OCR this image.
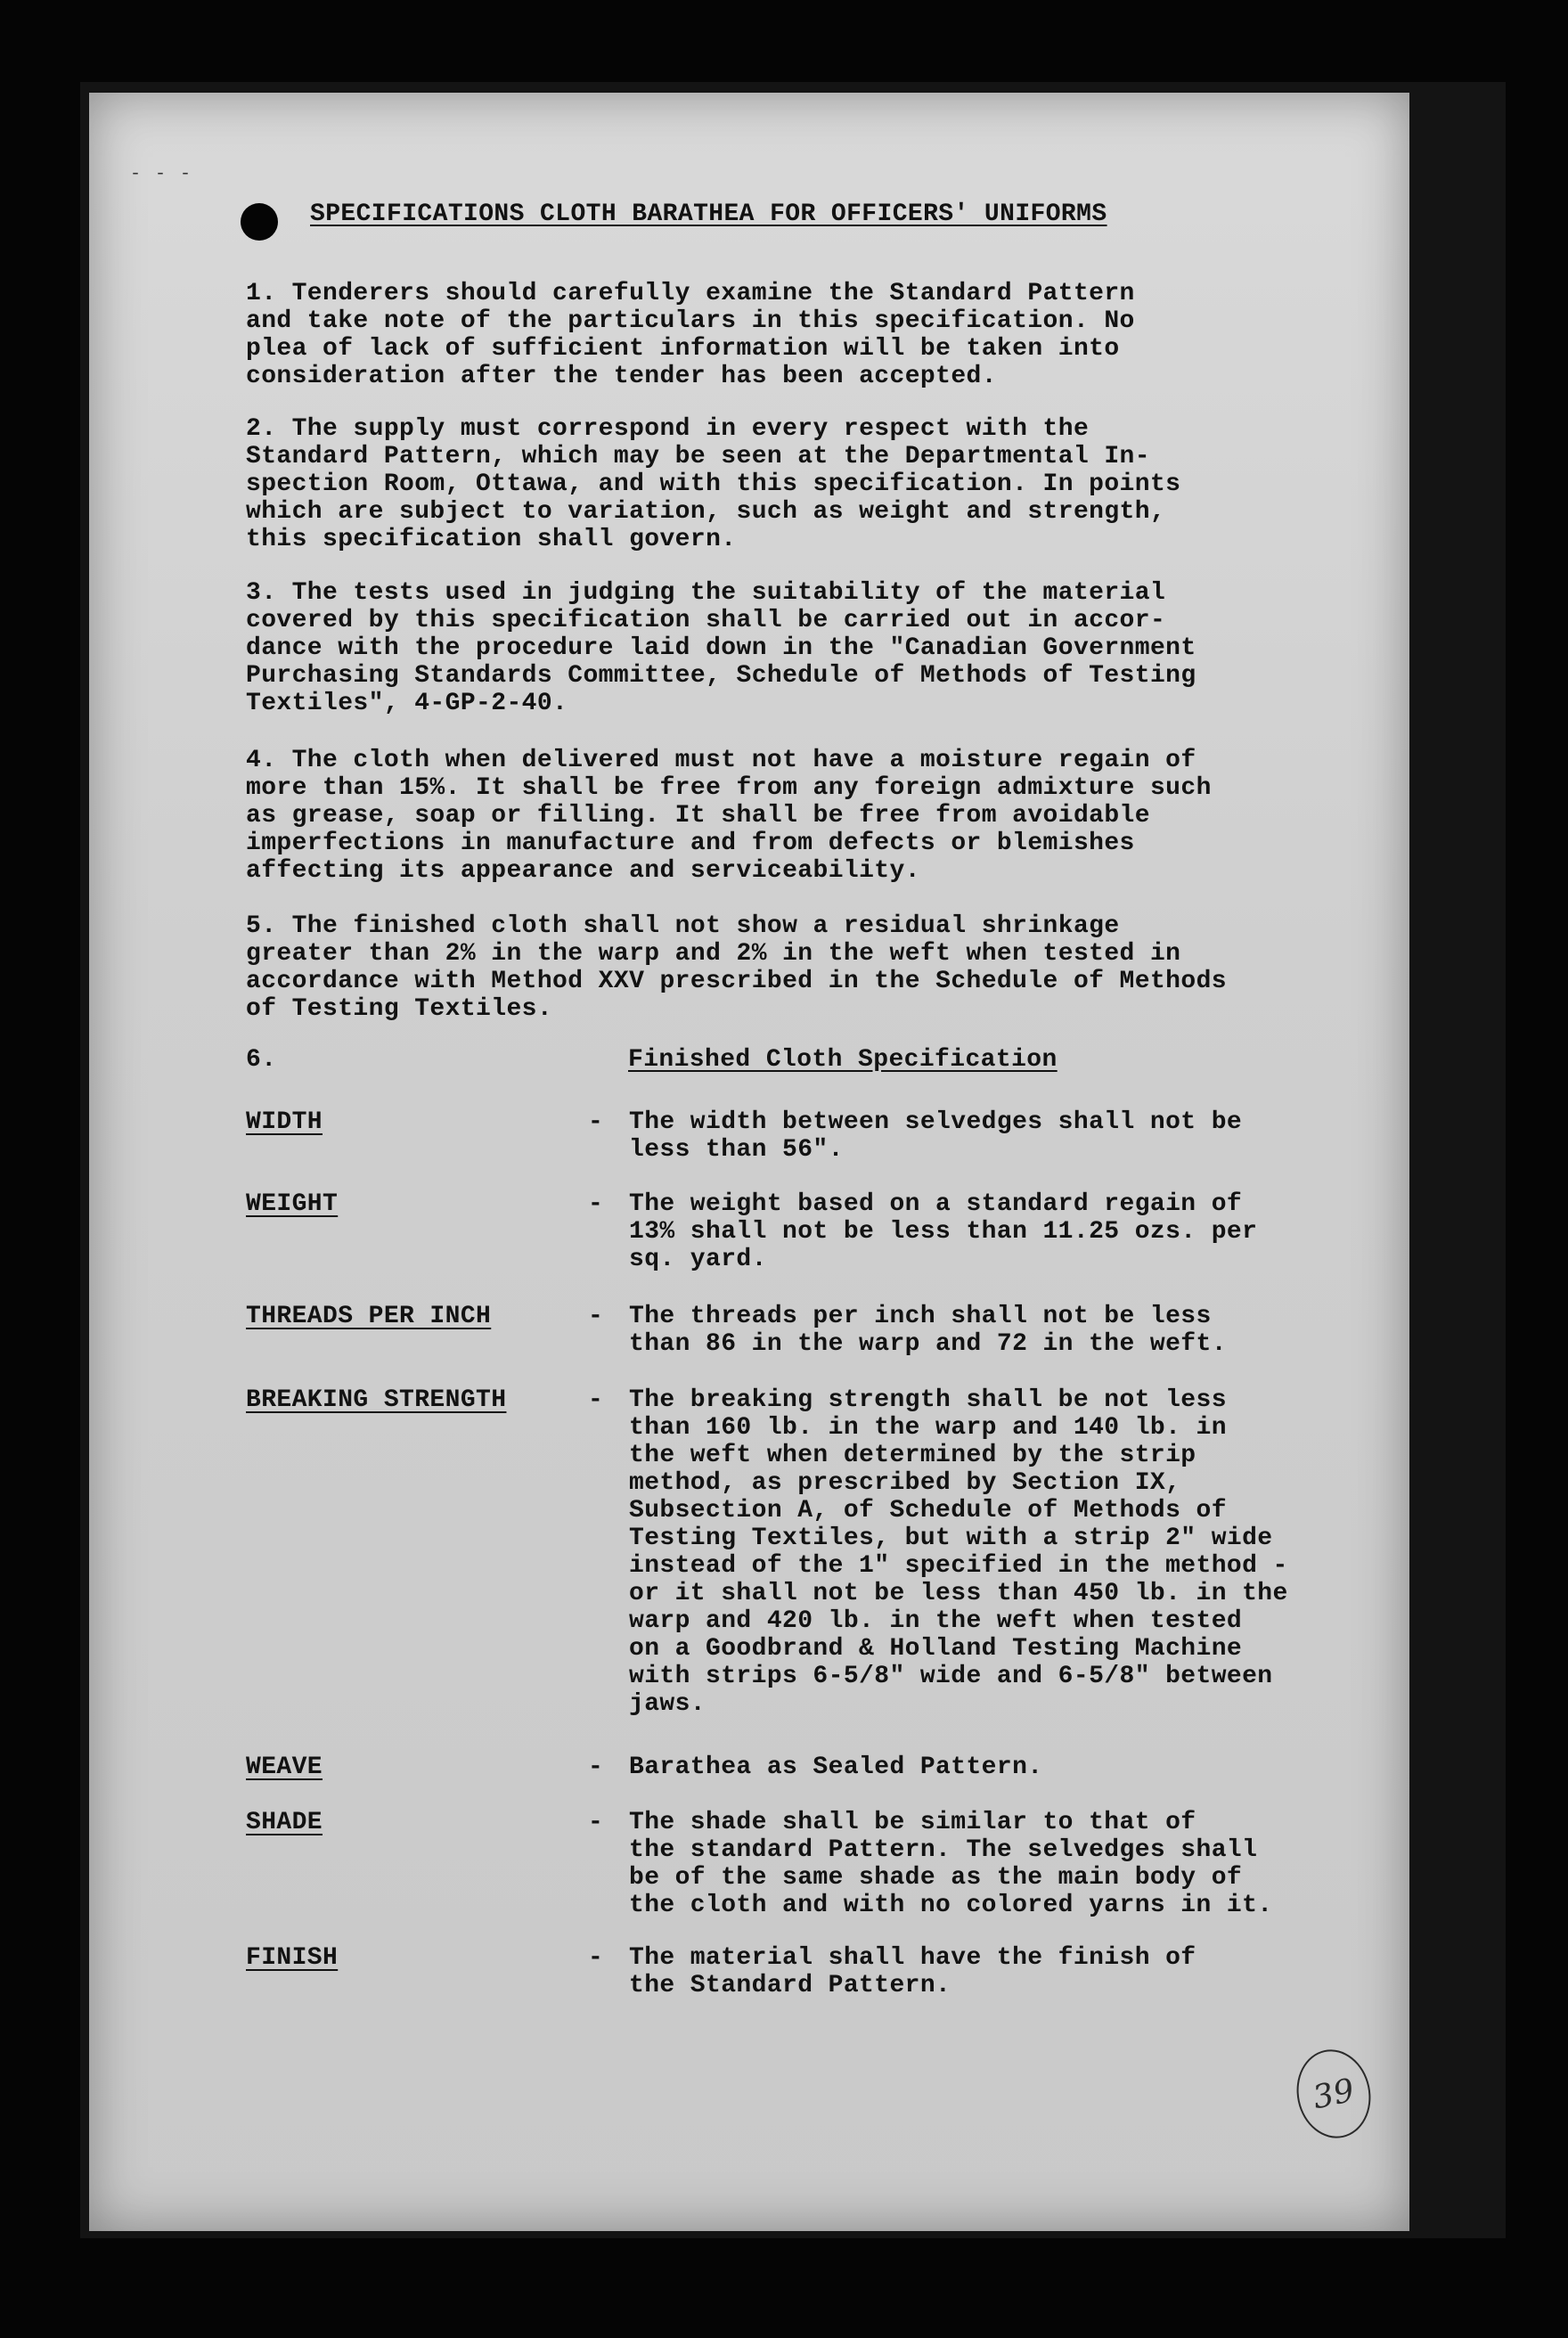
- - -
SPECIFICATIONS CLOTH BARATHEA FOR OFFICERS' UNIFORMS
1. Tenderers should carefully examine the Standard Pattern
and take note of the particulars in this specification. No
plea of lack of sufficient information will be taken into
consideration after the tender has been accepted.
2. The supply must correspond in every respect with the
Standard Pattern, which may be seen at the Departmental In-
spection Room, Ottawa, and with this specification. In points
which are subject to variation, such as weight and strength,
this specification shall govern.
3. The tests used in judging the suitability of the material
covered by this specification shall be carried out in accor-
dance with the procedure laid down in the "Canadian Government
Purchasing Standards Committee, Schedule of Methods of Testing
Textiles", 4-GP-2-40.
4. The cloth when delivered must not have a moisture regain of
more than 15%. It shall be free from any foreign admixture such
as grease, soap or filling. It shall be free from avoidable
imperfections in manufacture and from defects or blemishes
affecting its appearance and serviceability.
5. The finished cloth shall not show a residual shrinkage
greater than 2% in the warp and 2% in the weft when tested in
accordance with Method XXV prescribed in the Schedule of Methods
of Testing Textiles.
6.	Finished Cloth Specification
WIDTH	- The width between selvedges shall not be
less than 56".
WEIGHT	- The weight based on a standard regain of
13% shall not be less than 11.25 ozs. per
sq. yard.
THREADS PER INCH	- The threads per inch shall not be less
than 86 in the warp and 72 in the weft.
BREAKING STRENGTH	- The breaking strength shall be not less
than 160 lb. in the warp and 140 lb. in
the weft when determined by the strip
method, as prescribed by Section IX,
Subsection A, of Schedule of Methods of
Testing Textiles, but with a strip 2" wide
instead of the 1" specified in the method -
or it shall not be less than 450 lb. in the
warp and 420 lb. in the weft when tested
on a Goodbrand & Holland Testing Machine
with strips 6-5/8" wide and 6-5/8" between
jaws.
WEAVE	- Barathea as Sealed Pattern.
SHADE	- The shade shall be similar to that of
the standard Pattern. The selvedges shall
be of the same shade as the main body of
the cloth and with no colored yarns in it.
FINISH	- The material shall have the finish of
the Standard Pattern.
39
